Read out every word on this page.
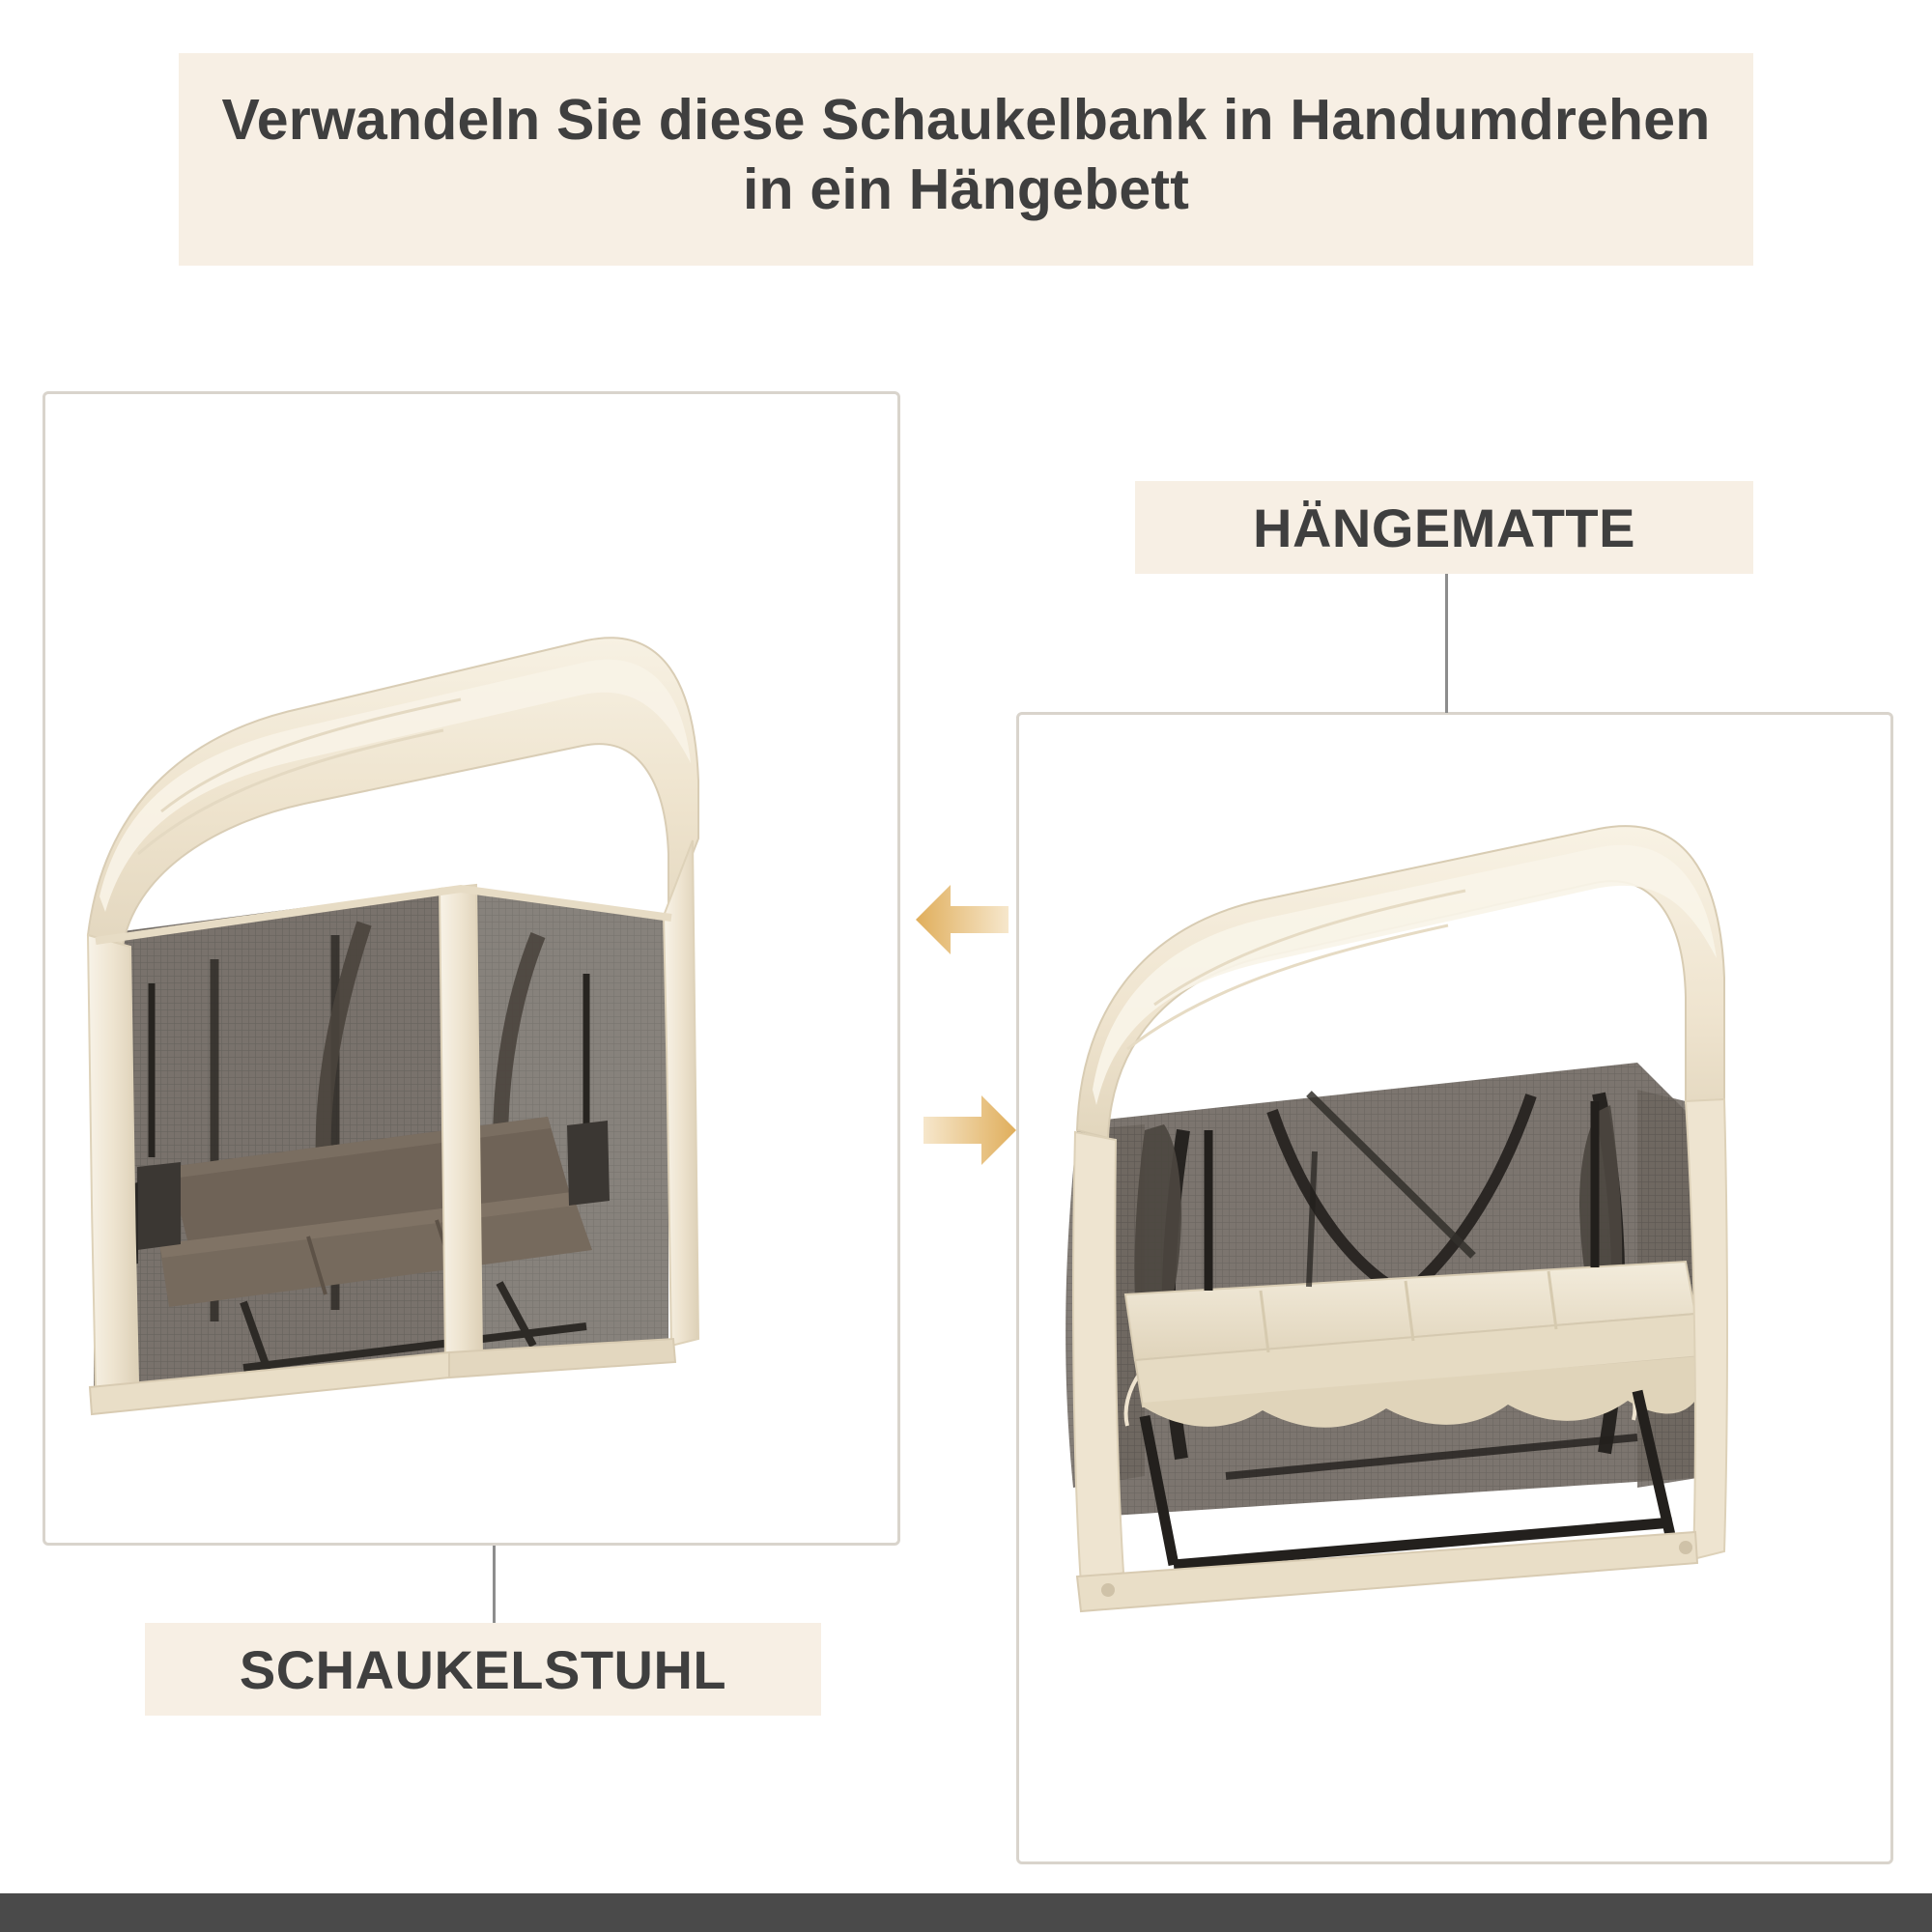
Verwandeln Sie diese Schaukelbank in Handumdrehen in ein Hängebett
HÄNGEMATTE
SCHAUKELSTUHL
